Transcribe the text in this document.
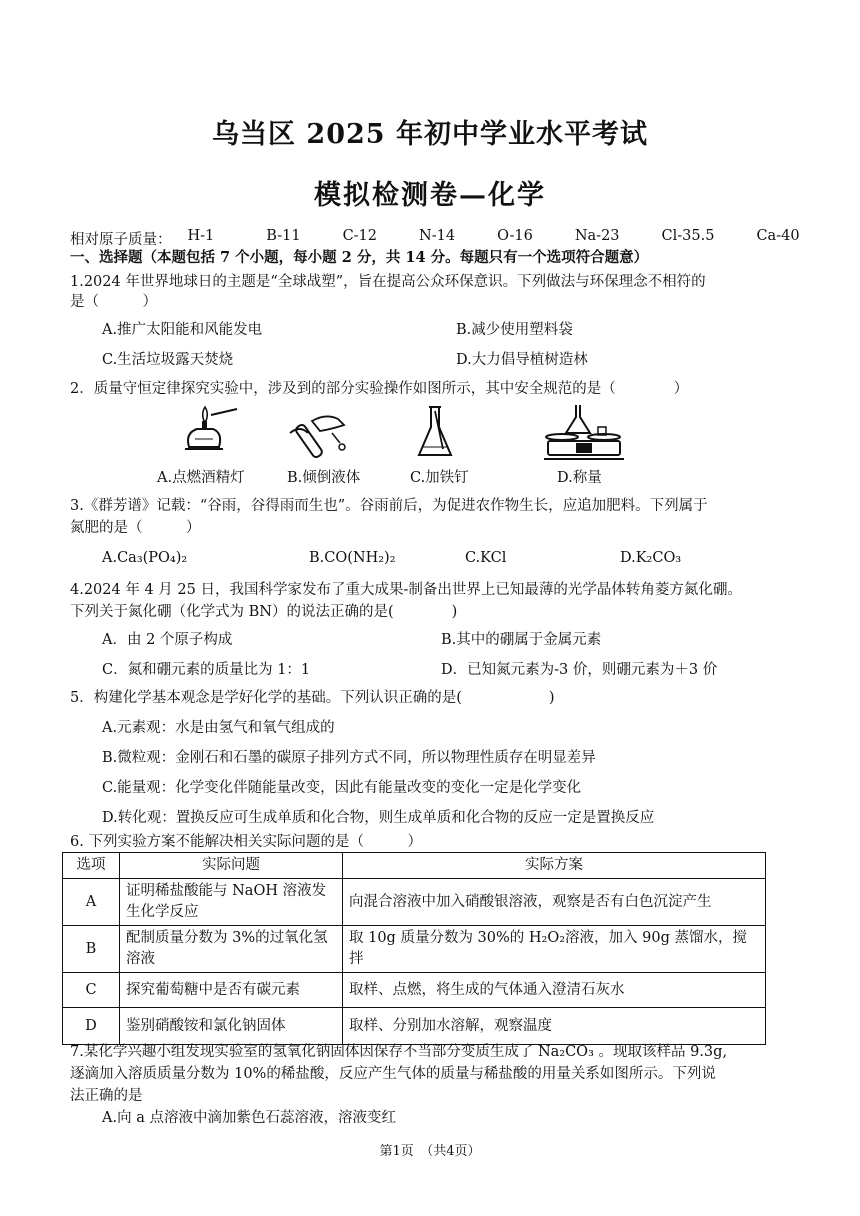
乌当区 2025 年初中学业水平考试
模拟检测卷—化学
相对原子质量： H-1	B-11	C-12	N-14	O-16	Na-23	Cl-35.5	Ca-40
一、选择题（本题包括 7 个小题，每小题 2 分，共 14 分。每题只有一个选项符合题意）
1.2024 年世界地球日的主题是“全球战塑”，旨在提高公众环保意识。下列做法与环保理念不相符的
是（　　　）
A.推广太阳能和风能发电	B.减少使用塑料袋
C.生活垃圾露天焚烧	D.大力倡导植树造林
2．质量守恒定律探究实验中，涉及到的部分实验操作如图所示，其中安全规范的是（　　　　）
A.点燃酒精灯	B.倾倒液体	C.加铁钉	D.称量
3.《群芳谱》记载：“谷雨，谷得雨而生也”。谷雨前后，为促进农作物生长，应追加肥料。下列属于
氮肥的是（　　　）
A.Ca₃(PO₄)₂	B.CO(NH₂)₂	C.KCl	D.K₂CO₃
4.2024 年 4 月 25 日，我国科学家发布了重大成果-制备出世界上已知最薄的光学晶体转角菱方氮化硼。
下列关于氮化硼（化学式为 BN）的说法正确的是(　　　　)
A．由 2 个原子构成	B.其中的硼属于金属元素
C．氮和硼元素的质量比为 1：1	D．已知氮元素为-3 价，则硼元素为＋3 价
5．构建化学基本观念是学好化学的基础。下列认识正确的是(　　　　　　)
A.元素观：水是由氢气和氧气组成的
B.微粒观：金刚石和石墨的碳原子排列方式不同，所以物理性质存在明显差异
C.能量观：化学变化伴随能量改变，因此有能量改变的变化一定是化学变化
D.转化观：置换反应可生成单质和化合物，则生成单质和化合物的反应一定是置换反应
6. 下列实验方案不能解决相关实际问题的是（　　　）
选项	实际问题	实际方案
A	证明稀盐酸能与 NaOH 溶液发生化学反应	向混合溶液中加入硝酸银溶液，观察是否有白色沉淀产生
B	配制质量分数为 3%的过氧化氢溶液	取 10g 质量分数为 30%的 H₂O₂溶液，加入 90g 蒸馏水，搅拌
C	探究葡萄糖中是否有碳元素	取样、点燃，将生成的气体通入澄清石灰水
D	鉴别硝酸铵和氯化钠固体	取样、分别加水溶解，观察温度
7.某化学兴趣小组发现实验室的氢氧化钠固体因保存不当部分变质生成了 Na₂CO₃ 。现取该样品 9.3g,
逐滴加入溶质质量分数为 10%的稀盐酸，反应产生气体的质量与稀盐酸的用量关系如图所示。下列说
法正确的是
A.向 a 点溶液中滴加紫色石蕊溶液，溶液变红
第1页　（共4页）
